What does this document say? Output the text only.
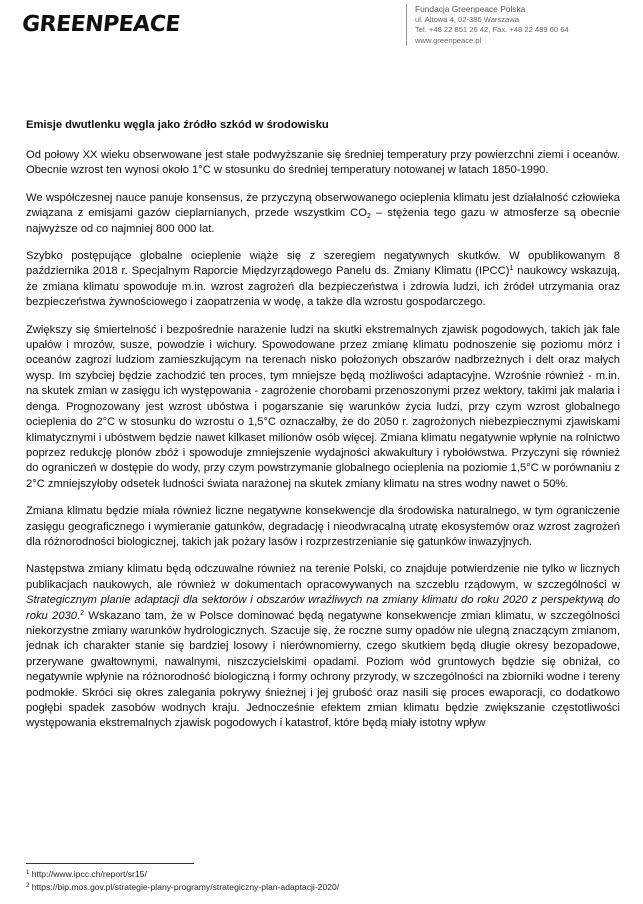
GREENPEACE
Fundacja Greenpeace Polska
ul. Altowa 4, 02-386 Warszawa
Tel. +48 22 851 26 42, Fax. +48 22 489 60 64
www.greenpeace.pl
Emisje dwutlenku węgla jako źródło szkód w środowisku

Od połowy XX wieku obserwowane jest stałe podwyższanie się średniej temperatury przy powierzchni ziemi i oceanów. Obecnie wzrost ten wynosi około 1°C w stosunku do średniej temperatury notowanej w latach 1850-1990.

We współczesnej nauce panuje konsensus, że przyczyną obserwowanego ocieplenia klimatu jest działalność człowieka związana z emisjami gazów cieplarnianych, przede wszystkim $CO_2$ – stężenia tego gazu w atmosferze są obecnie najwyższe od co najmniej 800 000 lat.

Szybko postępujące globalne ocieplenie wiąże się z szeregiem negatywnych skutków. W opublikowanym 8 października 2018 r. Specjalnym Raporcie Międzyrządowego Panelu ds. Zmiany Klimatu (IPCC)$^1$ naukowcy wskazują, że zmiana klimatu spowoduje m.in. wzrost zagrożeń dla bezpieczeństwa i zdrowia ludzi, ich źródeł utrzymania oraz bezpieczeństwa żywnościowego i zaopatrzenia w wodę, a także dla wzrostu gospodarczego.

Zwiększy się śmiertelność i bezpośrednie narażenie ludzi na skutki ekstremalnych zjawisk pogodowych, takich jak fale upałów i mrozów, susze, powodzie i wichury. Spowodowane przez zmianę klimatu podnoszenie się poziomu mórz i oceanów zagrozi ludziom zamieszkującym na terenach nisko położonych obszarów nadbrzeżnych i delt oraz małych wysp. Im szybciej będzie zachodzić ten proces, tym mniejsze będą możliwości adaptacyjne. Wzrośnie również - m.in. na skutek zmian w zasięgu ich występowania - zagrożenie chorobami przenoszonymi przez wektory, takimi jak malaria i denga. Prognozowany jest wzrost ubóstwa i pogarszanie się warunków życia ludzi, przy czym wzrost globalnego ocieplenia do 2°C w stosunku do wzrostu o 1,5°C oznaczałby, że do 2050 r. zagrożonych niebezpiecznymi zjawiskami klimatycznymi i ubóstwem będzie nawet kilkaset milionów osób więcej. Zmiana klimatu negatywnie wpłynie na rolnictwo poprzez redukcję plonów zbóż i spowoduje zmniejszenie wydajności akwakultury i rybołówstwa. Przyczyni się również do ograniczeń w dostępie do wody, przy czym powstrzymanie globalnego ocieplenia na poziomie 1,5°C w porównaniu z 2°C zmniejszyłoby odsetek ludności świata narażonej na skutek zmiany klimatu na stres wodny nawet o 50%.

Zmiana klimatu będzie miała również liczne negatywne konsekwencje dla środowiska naturalnego, w tym ograniczenie zasięgu geograficznego i wymieranie gatunków, degradację i nieodwracalną utratę ekosystemów oraz wzrost zagrożeń dla różnorodności biologicznej, takich jak pożary lasów i rozprzestrzenianie się gatunków inwazyjnych.

Następstwa zmiany klimatu będą odczuwalne również na terenie Polski, co znajduje potwierdzenie nie tylko w licznych publikacjach naukowych, ale również w dokumentach opracowywanych na szczeblu rządowym, w szczególności w Strategicznym planie adaptacji dla sektorów i obszarów wrażliwych na zmiany klimatu do roku 2020 z perspektywą do roku 2030.$^2$ Wskazano tam, że w Polsce dominować będą negatywne konsekwencje zmian klimatu, w szczególności niekorzystne zmiany warunków hydrologicznych. Szacuje się, że roczne sumy opadów nie ulegną znaczącym zmianom, jednak ich charakter stanie się bardziej losowy i nierównomierny, czego skutkiem będą długie okresy bezopadowe, przerywane gwałtownymi, nawalnymi, niszczycielskimi opadami. Poziom wód gruntowych będzie się obniżał, co negatywnie wpłynie na różnorodność biologiczną i formy ochrony przyrody, w szczególności na zbiorniki wodne i tereny podmokłe. Skróci się okres zalegania pokrywy śnieżnej i jej grubość oraz nasili się proces ewaporacji, co dodatkowo pogłębi spadek zasobów wodnych kraju. Jednocześnie efektem zmian klimatu będzie zwiększanie częstotliwości występowania ekstremalnych zjawisk pogodowych i katastrof, które będą miały istotny wpływ

$^1$ http://www.ipcc.ch/report/sr15/
$^2$ https://bip.mos.gov.pl/strategie-plany-programy/strategiczny-plan-adaptacji-2020/
